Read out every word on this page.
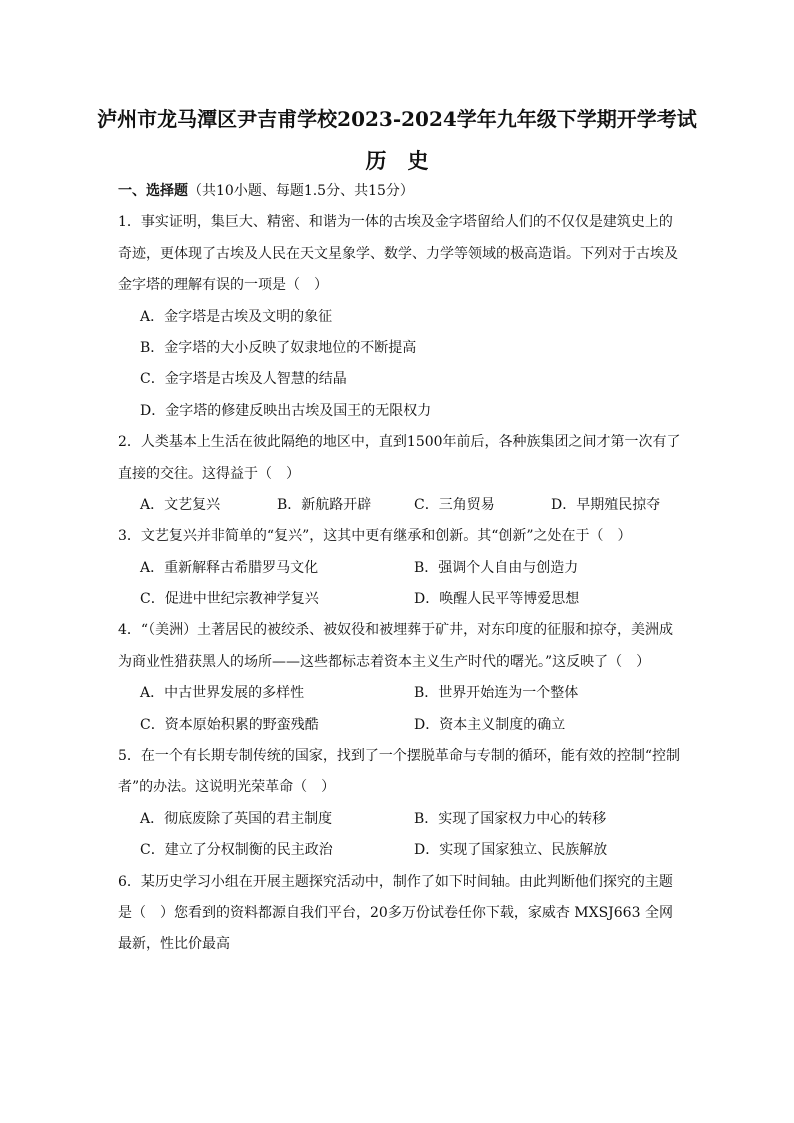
泸州市龙马潭区尹吉甫学校2023-2024学年九年级下学期开学考试
历　史
一、选择题（共10小题、每题1.5分、共15分）
1．事实证明，集巨大、精密、和谐为一体的古埃及金字塔留给人们的不仅仅是建筑史上的
奇迹，更体现了古埃及人民在天文星象学、数学、力学等领域的极高造诣。下列对于古埃及
金字塔的理解有误的一项是（　）
A．金字塔是古埃及文明的象征
B．金字塔的大小反映了奴隶地位的不断提高
C．金字塔是古埃及人智慧的结晶
D．金字塔的修建反映出古埃及国王的无限权力
2．人类基本上生活在彼此隔绝的地区中，直到1500年前后，各种族集团之间才第一次有了
直接的交往。这得益于（　）
A．文艺复兴	B．新航路开辟	C．三角贸易	D．早期殖民掠夺
3．文艺复兴并非简单的“复兴”，这其中更有继承和创新。其“创新”之处在于（　）
A．重新解释古希腊罗马文化	B．强调个人自由与创造力
C．促进中世纪宗教神学复兴	D．唤醒人民平等博爱思想
4．“（美洲）土著居民的被绞杀、被奴役和被埋葬于矿井，对东印度的征服和掠夺，美洲成
为商业性猎获黑人的场所——这些都标志着资本主义生产时代的曙光。”这反映了（　）
A．中古世界发展的多样性	B．世界开始连为一个整体
C．资本原始积累的野蛮残酷	D．资本主义制度的确立
5．在一个有长期专制传统的国家，找到了一个摆脱革命与专制的循环，能有效的控制“控制
者”的办法。这说明光荣革命（　）
A．彻底废除了英国的君主制度	B．实现了国家权力中心的转移
C．建立了分权制衡的民主政治	D．实现了国家独立、民族解放
6．某历史学习小组在开展主题探究活动中，制作了如下时间轴。由此判断他们探究的主题
是（　）您看到的资料都源自我们平台，20多万份试卷任你下载，家威杏 MXSJ663 全网
最新，性比价最高
